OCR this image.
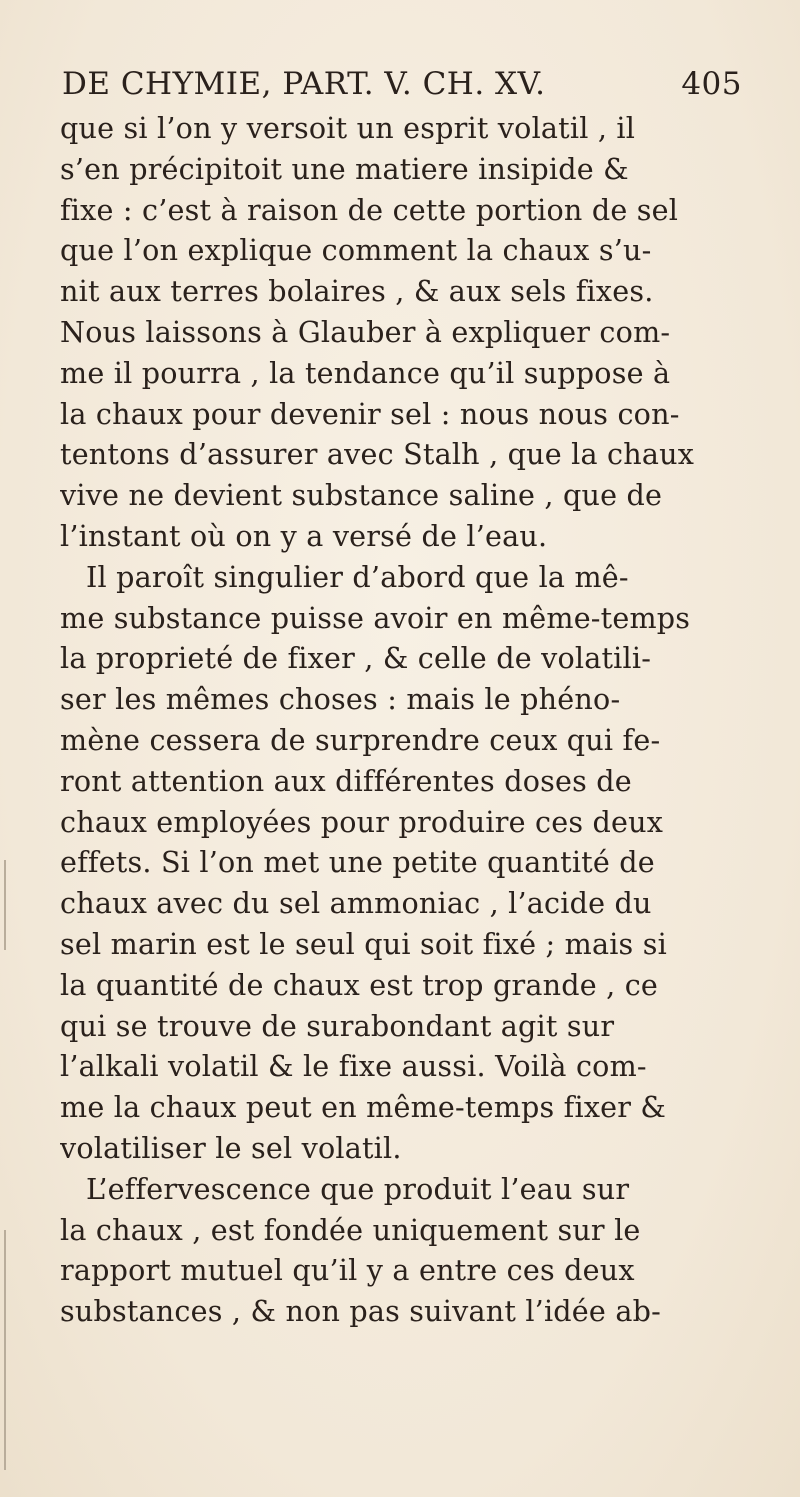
DE CHYMIE, PART. V. CH. XV.	405
que si l’on y versoit un esprit volatil , il
s’en précipitoit une matiere insipide &
fixe : c’est à raison de cette portion de sel
que l’on explique comment la chaux s’u-
nit aux terres bolaires , & aux sels fixes.
Nous laissons à Glauber à expliquer com-
me il pourra , la tendance qu’il suppose à
la chaux pour devenir sel : nous nous con-
tentons d’assurer avec Stalh , que la chaux
vive ne devient substance saline , que de
l’instant où on y a versé de l’eau.
Il paroît singulier d’abord que la mê-
me substance puisse avoir en même-temps
la proprieté de fixer , & celle de volatili-
ser les mêmes choses : mais le phéno-
mène cessera de surprendre ceux qui fe-
ront attention aux différentes doses de
chaux employées pour produire ces deux
effets. Si l’on met une petite quantité de
chaux avec du sel ammoniac , l’acide du
sel marin est le seul qui soit fixé ; mais si
la quantité de chaux est trop grande , ce
qui se trouve de surabondant agit sur
l’alkali volatil & le fixe aussi. Voilà com-
me la chaux peut en même-temps fixer &
volatiliser le sel volatil.
L’effervescence que produit l’eau sur
la chaux , est fondée uniquement sur le
rapport mutuel qu’il y a entre ces deux
substances , & non pas suivant l’idée ab-
